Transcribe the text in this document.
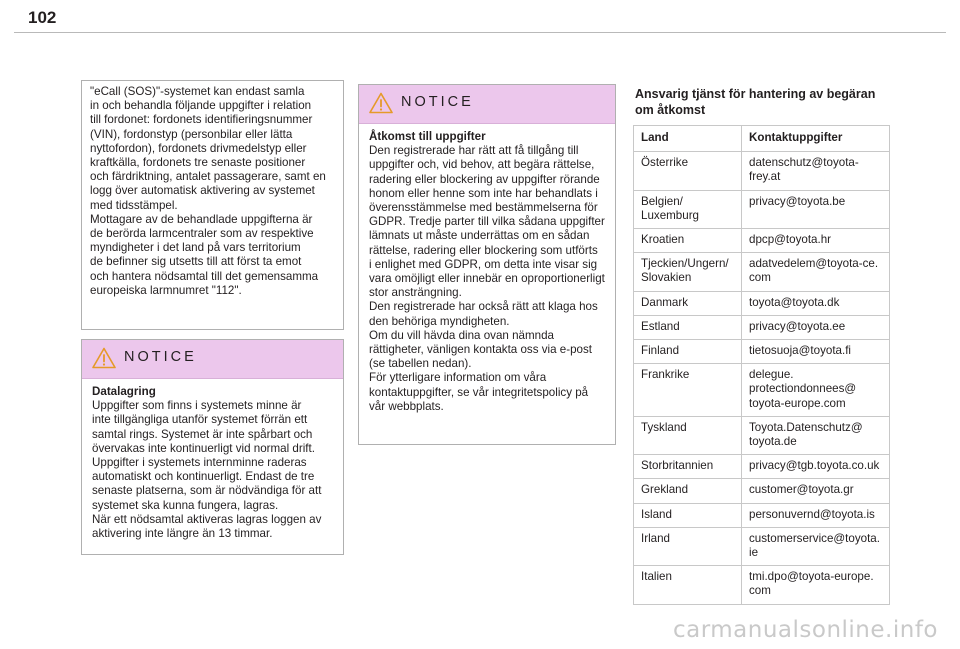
102
"eCall (SOS)"-systemet kan endast samla
in och behandla följande uppgifter i relation
till fordonet: fordonets identifieringsnummer
(VIN), fordonstyp (personbilar eller lätta
nyttofordon), fordonets drivmedelstyp eller
kraftkälla, fordonets tre senaste positioner
och färdriktning, antalet passagerare, samt en
logg över automatisk aktivering av systemet
med tidsstämpel.
Mottagare av de behandlade uppgifterna är
de berörda larmcentraler som av respektive
myndigheter i det land på vars territorium
de befinner sig utsetts till att först ta emot
och hantera nödsamtal till det gemensamma
europeiska larmnumret "112".
NOTICE
Datalagring
Uppgifter som finns i systemets minne är
inte tillgängliga utanför systemet förrän ett
samtal rings. Systemet är inte spårbart och
övervakas inte kontinuerligt vid normal drift.
Uppgifter i systemets internminne raderas
automatiskt och kontinuerligt. Endast de tre
senaste platserna, som är nödvändiga för att
systemet ska kunna fungera, lagras.
När ett nödsamtal aktiveras lagras loggen av
aktivering inte längre än 13 timmar.
NOTICE
Åtkomst till uppgifter
Den registrerade har rätt att få tillgång till
uppgifter och, vid behov, att begära rättelse,
radering eller blockering av uppgifter rörande
honom eller henne som inte har behandlats i
överensstämmelse med bestämmelserna för
GDPR. Tredje parter till vilka sådana uppgifter
lämnats ut måste underrättas om en sådan
rättelse, radering eller blockering som utförts
i enlighet med GDPR, om detta inte visar sig
vara omöjligt eller innebär en oproportionerligt
stor ansträngning.
Den registrerade har också rätt att klaga hos
den behöriga myndigheten.
Om du vill hävda dina ovan nämnda
rättigheter, vänligen kontakta oss via e-post
(se tabellen nedan).
För ytterligare information om våra
kontaktuppgifter, se vår integritetspolicy på
vår webbplats.
Ansvarig tjänst för hantering av begäran
om åtkomst
Land	Kontaktuppgifter
Österrike	datenschutz@toyota-
frey.at
Belgien/
Luxemburg	privacy@toyota.be
Kroatien	dpcp@toyota.hr
Tjeckien/Ungern/
Slovakien	adatvedelem@toyota-ce.
com
Danmark	toyota@toyota.dk
Estland	privacy@toyota.ee
Finland	tietosuoja@toyota.fi
Frankrike	delegue.
protectiondonnees@
toyota-europe.com
Tyskland	Toyota.Datenschutz@
toyota.de
Storbritannien	privacy@tgb.toyota.co.uk
Grekland	customer@toyota.gr
Island	personuvernd@toyota.is
Irland	customerservice@toyota.
ie
Italien	tmi.dpo@toyota-europe.
com
carmanualsonline.info
